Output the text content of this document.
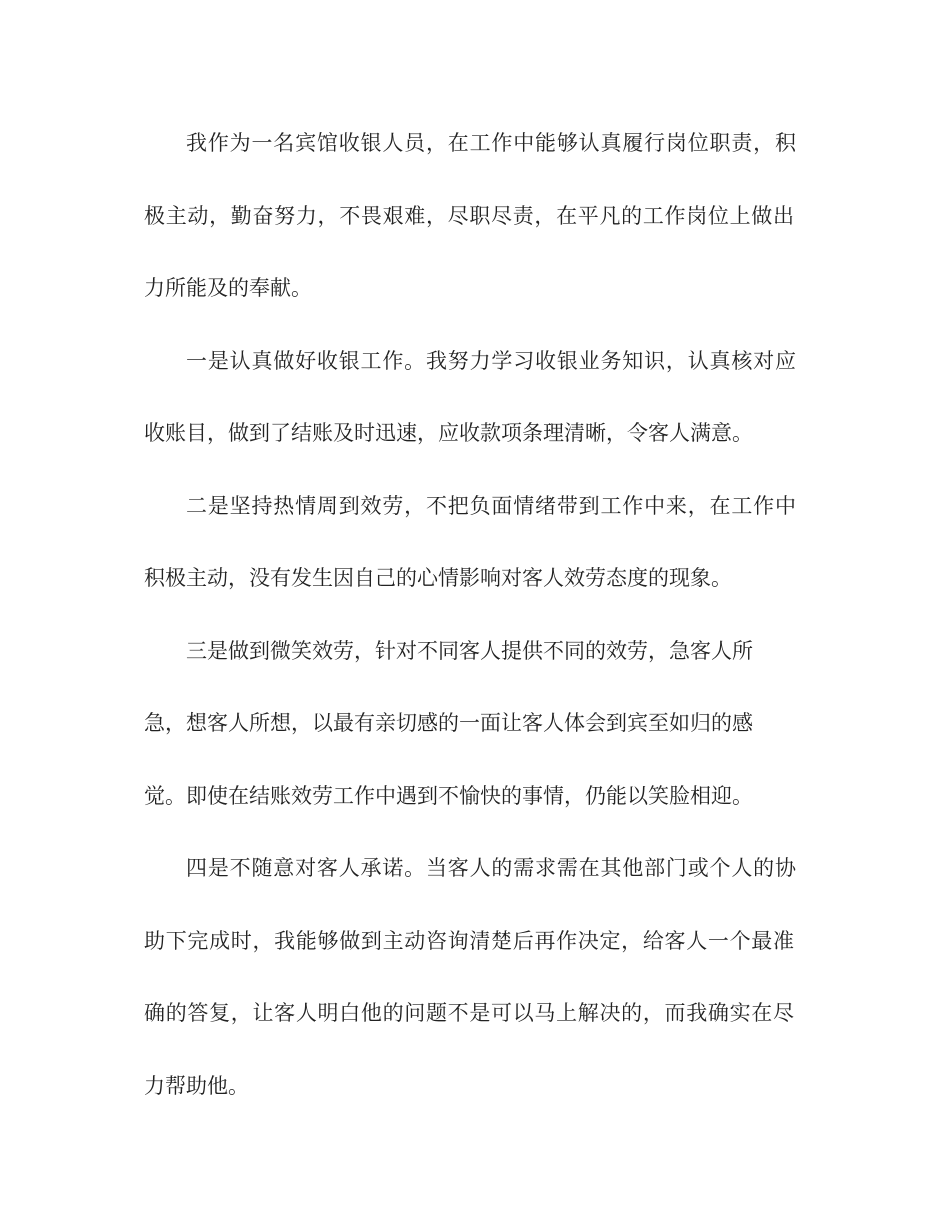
我作为一名宾馆收银人员，在工作中能够认真履行岗位职责，积

极主动，勤奋努力，不畏艰难，尽职尽责，在平凡的工作岗位上做出

力所能及的奉献。

一是认真做好收银工作。我努力学习收银业务知识，认真核对应

收账目，做到了结账及时迅速，应收款项条理清晰，令客人满意。

二是坚持热情周到效劳，不把负面情绪带到工作中来，在工作中

积极主动，没有发生因自己的心情影响对客人效劳态度的现象。

三是做到微笑效劳，针对不同客人提供不同的效劳，急客人所

急，想客人所想，以最有亲切感的一面让客人体会到宾至如归的感

觉。即使在结账效劳工作中遇到不愉快的事情，仍能以笑脸相迎。

四是不随意对客人承诺。当客人的需求需在其他部门或个人的协

助下完成时，我能够做到主动咨询清楚后再作决定，给客人一个最准

确的答复，让客人明白他的问题不是可以马上解决的，而我确实在尽

力帮助他。
